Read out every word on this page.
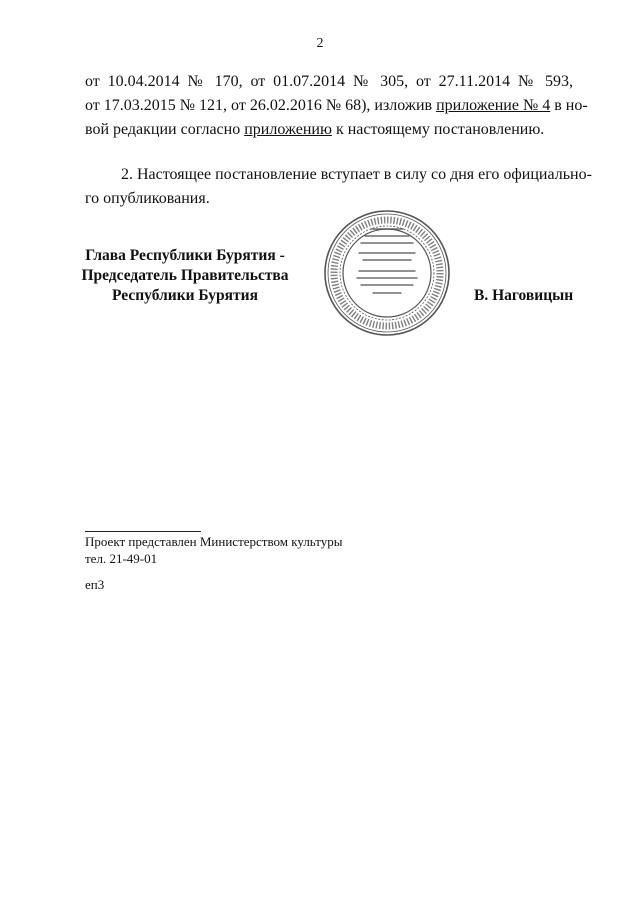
2
от 10.04.2014 № 170, от 01.07.2014 № 305, от 27.11.2014 № 593,
от 17.03.2015 № 121, от 26.02.2016 № 68), изложив приложение № 4 в но-
вой редакции согласно приложению к настоящему постановлению.
2. Настоящее постановление вступает в силу со дня его официально-
го опубликования.
Глава Республики Бурятия -
Председатель Правительства
Республики Бурятия	В. Наговицын
Проект представлен Министерством культуры
тел. 21-49-01
еп3
